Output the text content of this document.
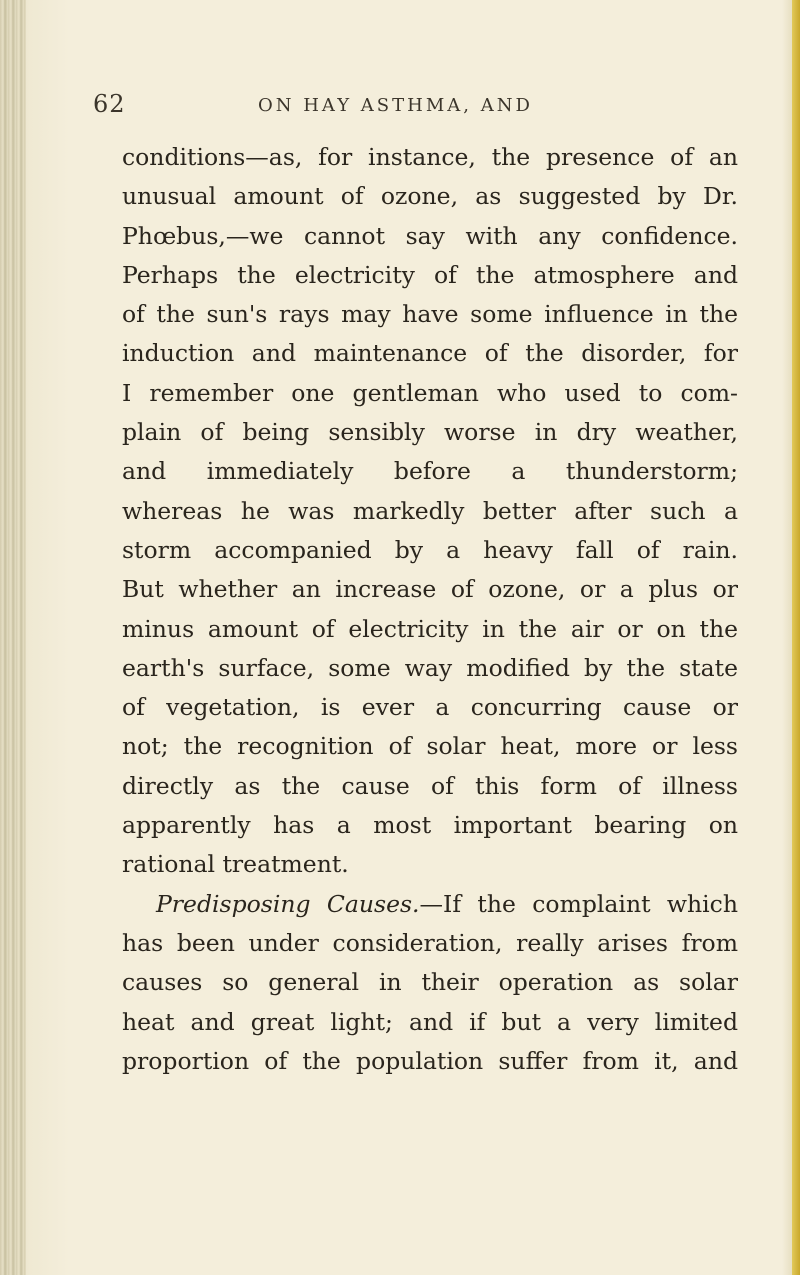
62	ON HAY ASTHMA, AND
conditions—as, for instance, the presence of an
unusual amount of ozone, as suggested by Dr.
Phœbus,—we cannot say with any confidence.
Perhaps the electricity of the atmosphere and
of the sun's rays may have some influence in the
induction and maintenance of the disorder, for
I remember one gentleman who used to com-
plain of being sensibly worse in dry weather,
and immediately before a thunderstorm;
whereas he was markedly better after such a
storm accompanied by a heavy fall of rain.
But whether an increase of ozone, or a plus or
minus amount of electricity in the air or on the
earth's surface, some way modified by the state
of vegetation, is ever a concurring cause or
not; the recognition of solar heat, more or less
directly as the cause of this form of illness
apparently has a most important bearing on
rational treatment.
Predisposing Causes.—If the complaint which
has been under consideration, really arises from
causes so general in their operation as solar
heat and great light; and if but a very limited
proportion of the population suffer from it, and
